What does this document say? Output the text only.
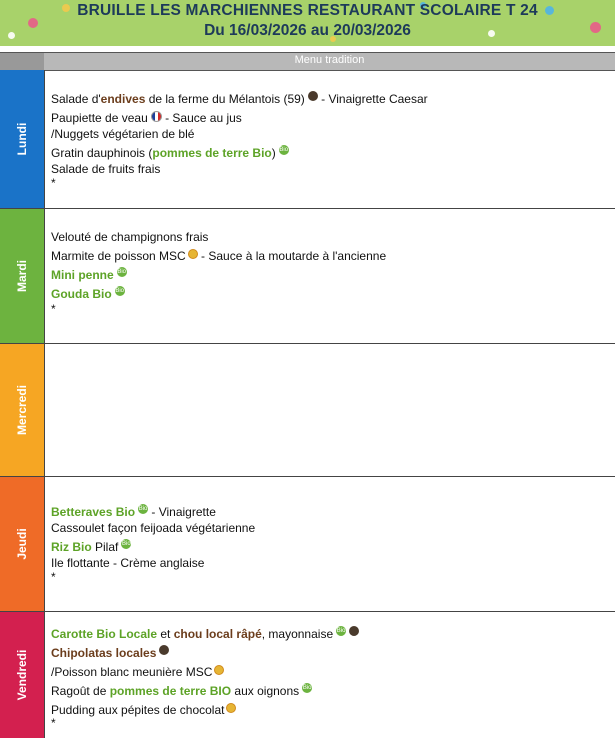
BRUILLE LES MARCHIENNES RESTAURANT SCOLAIRE T 24
Du 16/03/2026 au 20/03/2026
Menu tradition
Lundi
Salade d'endives de la ferme du Mélantois (59) - Vinaigrette Caesar
Paupiette de veau - Sauce au jus
/Nuggets végétarien de blé
Gratin dauphinois (pommes de terre Bio) Bio
Salade de fruits frais
*
Mardi
Velouté de champignons frais
Marmite de poisson MSC - Sauce à la moutarde à l'ancienne
Mini penne Bio
Gouda Bio Bio
*
Mercredi
Jeudi
Betteraves Bio Bio - Vinaigrette
Cassoulet façon feijoada végétarienne
Riz Bio Pilaf Bio
Ile flottante - Crème anglaise
*
Vendredi
Carotte Bio Locale et chou local râpé, mayonnaise Bio
Chipolatas locales
/Poisson blanc meunière MSC
Ragoût de pommes de terre BIO aux oignons Bio
Pudding aux pépites de chocolat
*
